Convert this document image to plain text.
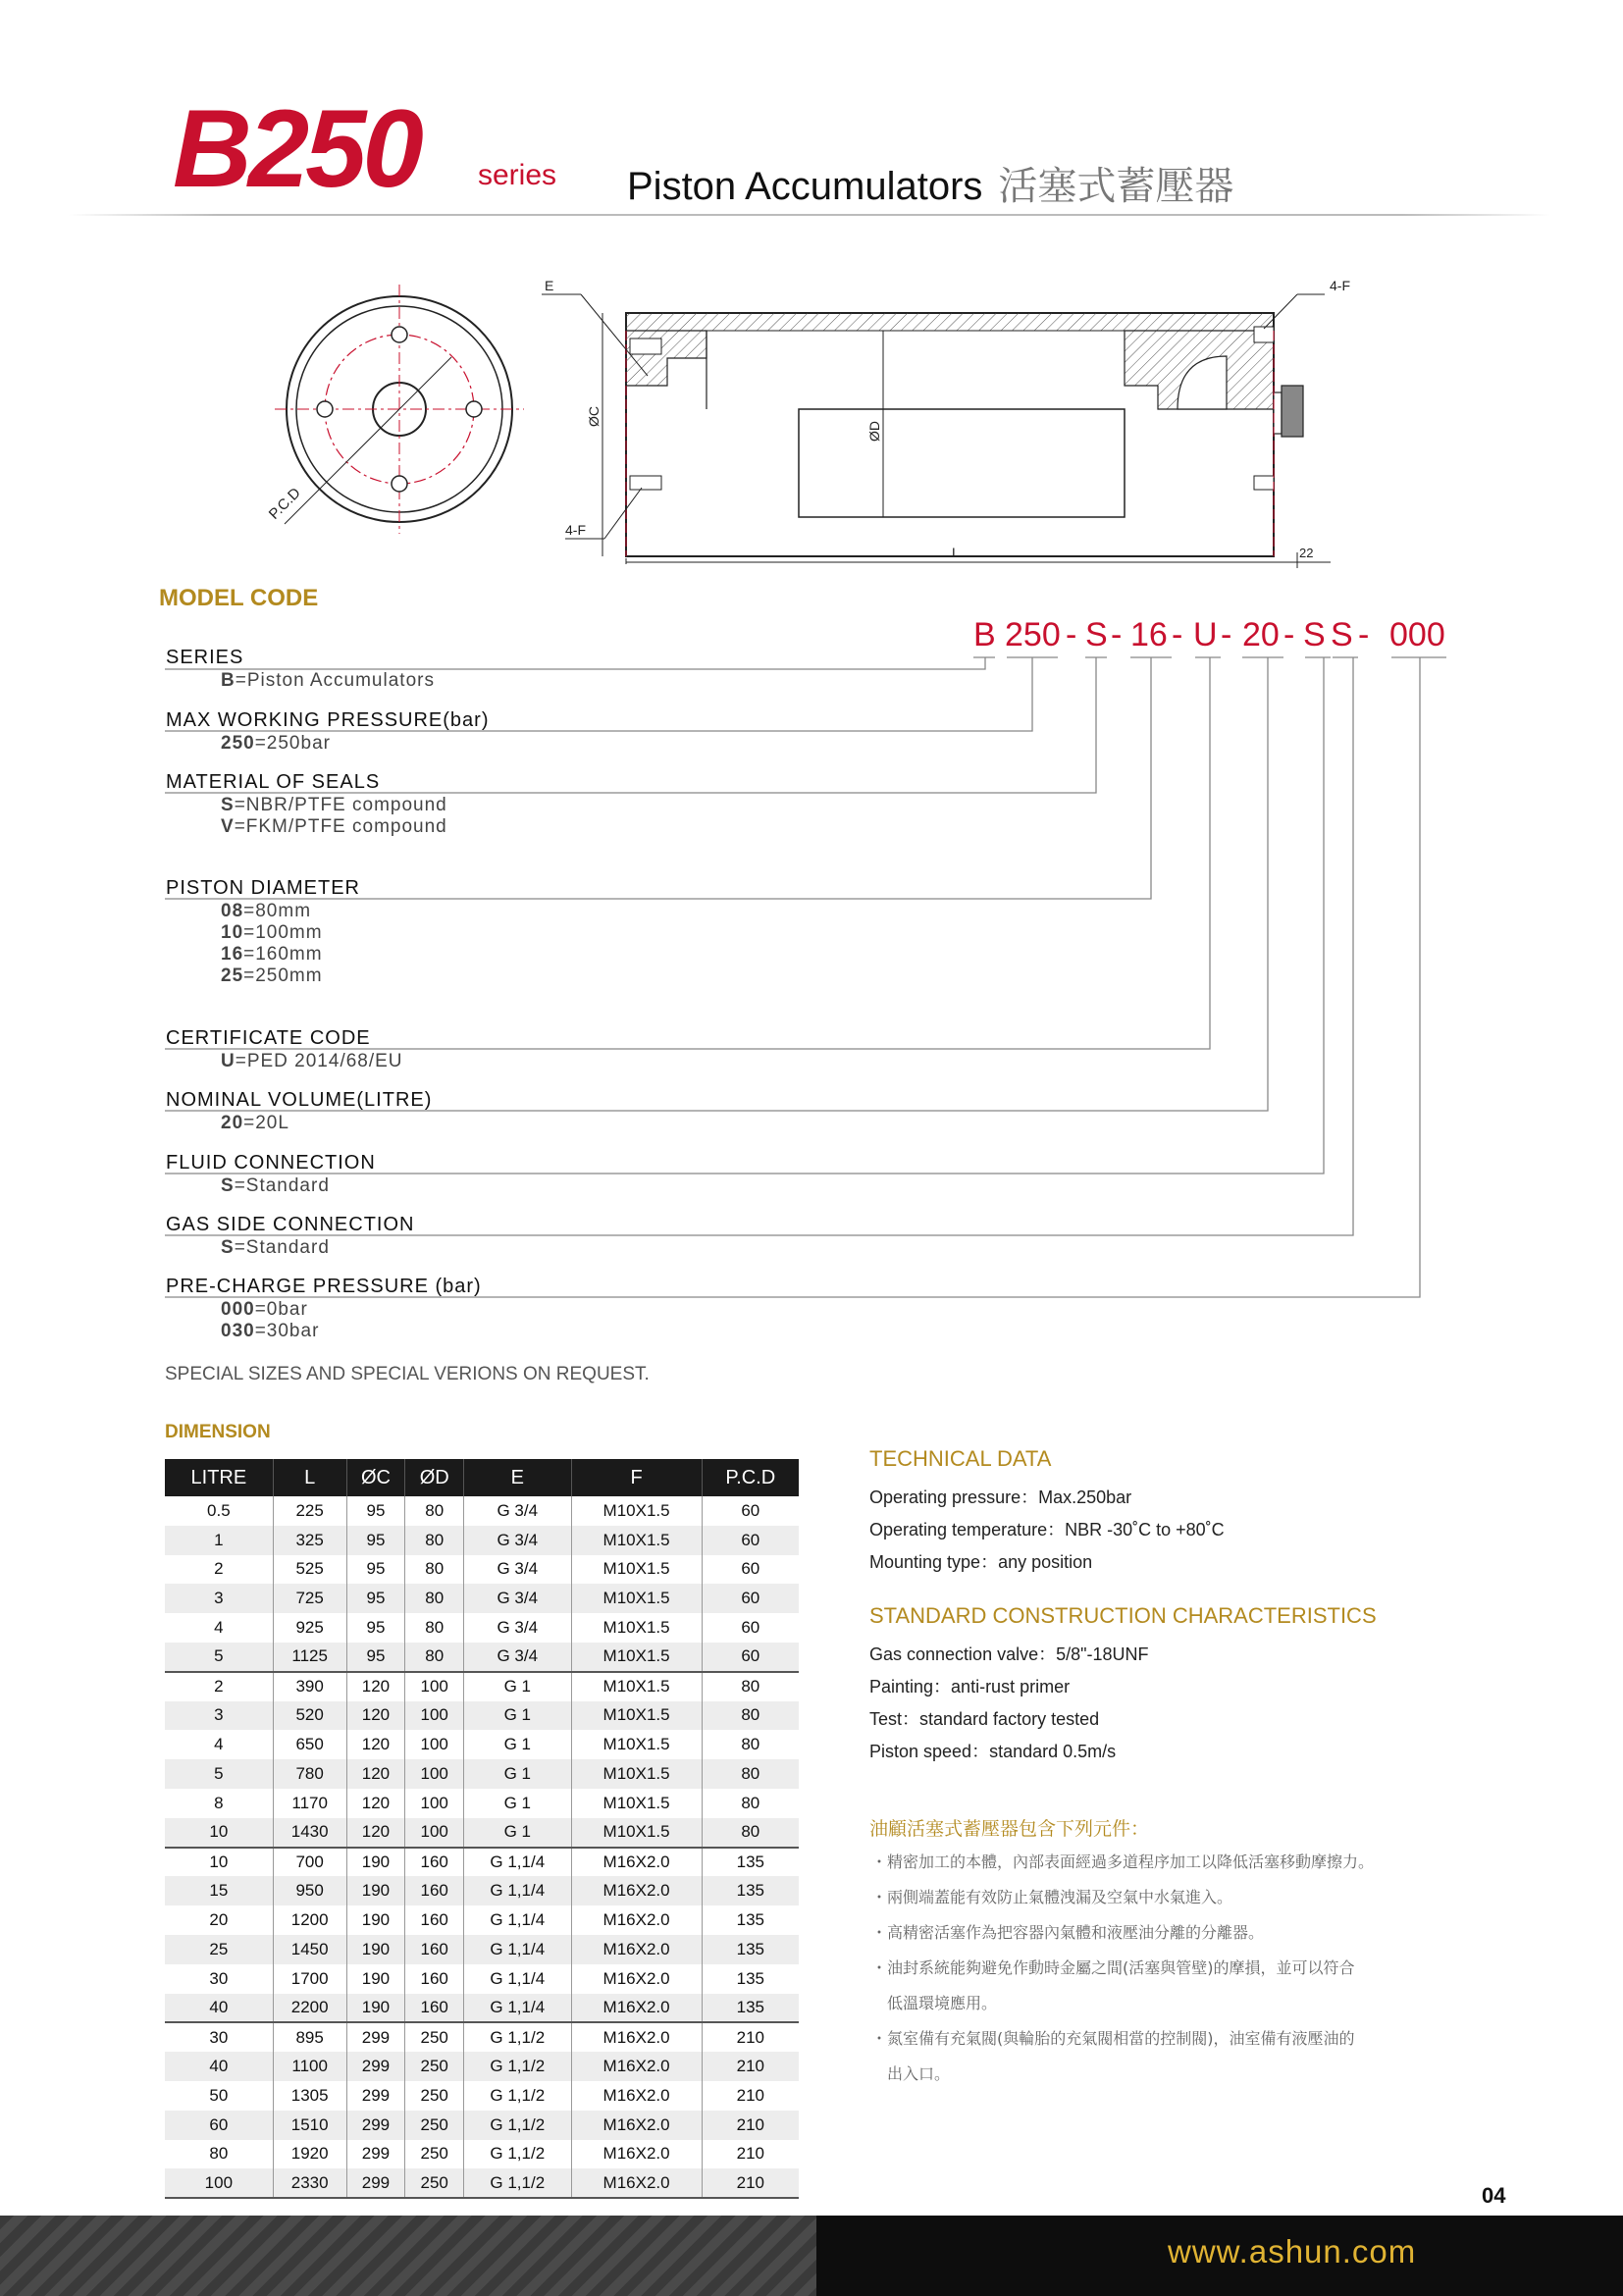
B250 series Piston Accumulators 活塞式蓄壓器
P.C.D
ØC
ØD
L	22
E	4-F
4-F
MODEL CODE

B

250

-

S

-

16

-

U

-

20

-

S

S

-

000

SERIES
B=Piston Accumulators
MAX WORKING PRESSURE(bar)
250=250bar
MATERIAL OF SEALS
S=NBR/PTFE compound
V=FKM/PTFE compound
PISTON DIAMETER
08=80mm
10=100mm
16=160mm
25=250mm
CERTIFICATE CODE
U=PED 2014/68/EU
NOMINAL VOLUME(LITRE)
20=20L
FLUID CONNECTION
S=Standard
GAS SIDE CONNECTION
S=Standard
PRE-CHARGE PRESSURE (bar)
000=0bar
030=30bar
SPECIAL SIZES AND SPECIAL VERIONS ON REQUEST.
DIMENSION
LITRE	L	ØC	ØD	E	F	P.C.D
0.5	225	95	80	G 3/4	M10X1.5	60
1	325	95	80	G 3/4	M10X1.5	60
2	525	95	80	G 3/4	M10X1.5	60
3	725	95	80	G 3/4	M10X1.5	60
4	925	95	80	G 3/4	M10X1.5	60
5	1125	95	80	G 3/4	M10X1.5	60
2	390	120	100	G 1	M10X1.5	80
3	520	120	100	G 1	M10X1.5	80
4	650	120	100	G 1	M10X1.5	80
5	780	120	100	G 1	M10X1.5	80
8	1170	120	100	G 1	M10X1.5	80
10	1430	120	100	G 1	M10X1.5	80
10	700	190	160	G 1,1/4	M16X2.0	135
15	950	190	160	G 1,1/4	M16X2.0	135
20	1200	190	160	G 1,1/4	M16X2.0	135
25	1450	190	160	G 1,1/4	M16X2.0	135
30	1700	190	160	G 1,1/4	M16X2.0	135
40	2200	190	160	G 1,1/4	M16X2.0	135
30	895	299	250	G 1,1/2	M16X2.0	210
40	1100	299	250	G 1,1/2	M16X2.0	210
50	1305	299	250	G 1,1/2	M16X2.0	210
60	1510	299	250	G 1,1/2	M16X2.0	210
80	1920	299	250	G 1,1/2	M16X2.0	210
100	2330	299	250	G 1,1/2	M16X2.0	210
TECHNICAL DATA
Operating pressure：Max.250bar
Operating temperature：NBR -30˚C to +80˚C
Mounting type：any position
STANDARD CONSTRUCTION CHARACTERISTICS
Gas connection valve：5/8"-18UNF
Painting：anti-rust primer
Test：standard factory tested
Piston speed：standard 0.5m/s
油顧活塞式蓄壓器包含下列元件：
・精密加工的本體，內部表面經過多道程序加工以降低活塞移動摩擦力。
・兩側端蓋能有效防止氣體洩漏及空氣中水氣進入。
・高精密活塞作為把容器內氣體和液壓油分離的分離器。
・油封系統能夠避免作動時金屬之間(活塞與管壁)的摩損，並可以符合
　低溫環境應用。
・氮室備有充氣閥(與輪胎的充氣閥相當的控制閥)，油室備有液壓油的
　出入口。
04
www.ashun.com
